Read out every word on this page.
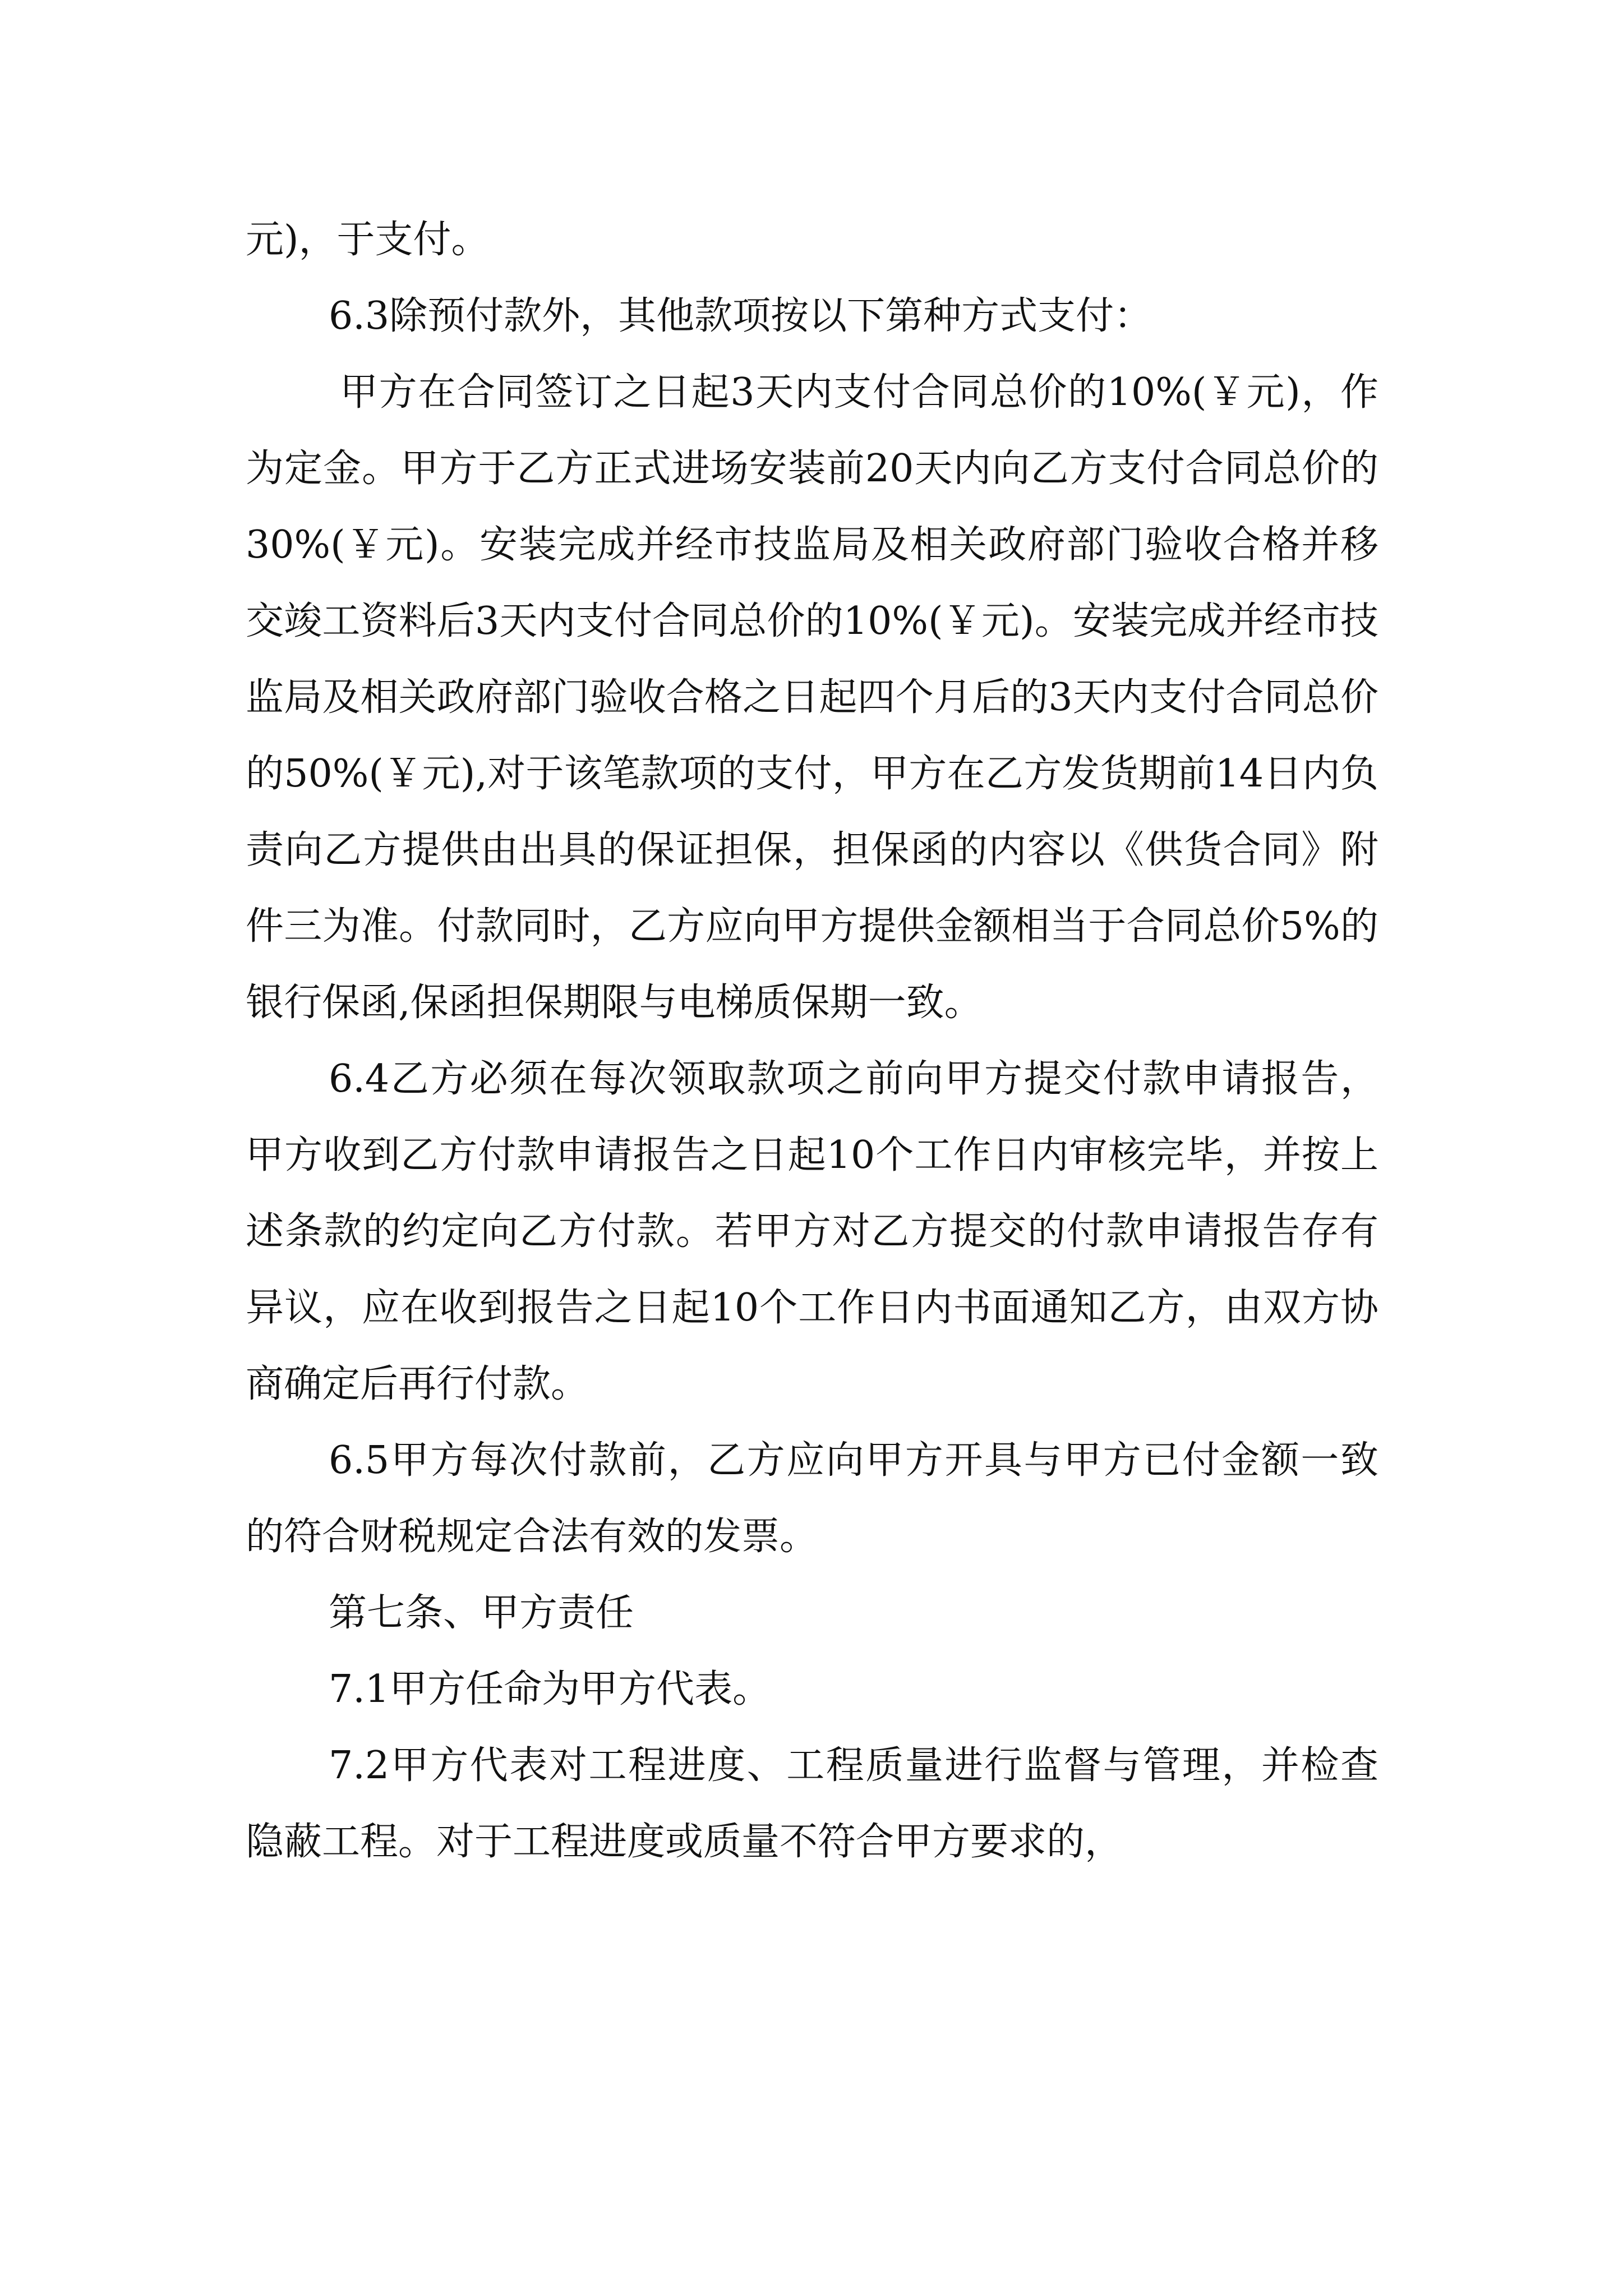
元)，于支付。

6.3除预付款外，其他款项按以下第种方式支付：

甲方在合同签订之日起3天内支付合同总价的10%(￥元)，作为定金。甲方于乙方正式进场安装前20天内向乙方支付合同总价的30%(￥元)。安装完成并经市技监局及相关政府部门验收合格并移交竣工资料后3天内支付合同总价的10%(￥元)。安装完成并经市技监局及相关政府部门验收合格之日起四个月后的3天内支付合同总价的50%(￥元),对于该笔款项的支付，甲方在乙方发货期前14日内负责向乙方提供由出具的保证担保，担保函的内容以《供货合同》附件三为准。付款同时，乙方应向甲方提供金额相当于合同总价5%的银行保函,保函担保期限与电梯质保期一致。

6.4乙方必须在每次领取款项之前向甲方提交付款申请报告，甲方收到乙方付款申请报告之日起10个工作日内审核完毕，并按上述条款的约定向乙方付款。若甲方对乙方提交的付款申请报告存有异议，应在收到报告之日起10个工作日内书面通知乙方，由双方协商确定后再行付款。

6.5甲方每次付款前，乙方应向甲方开具与甲方已付金额一致的符合财税规定合法有效的发票。

第七条、甲方责任

7.1甲方任命为甲方代表。

7.2甲方代表对工程进度、工程质量进行监督与管理，并检查隐蔽工程。对于工程进度或质量不符合甲方要求的，
